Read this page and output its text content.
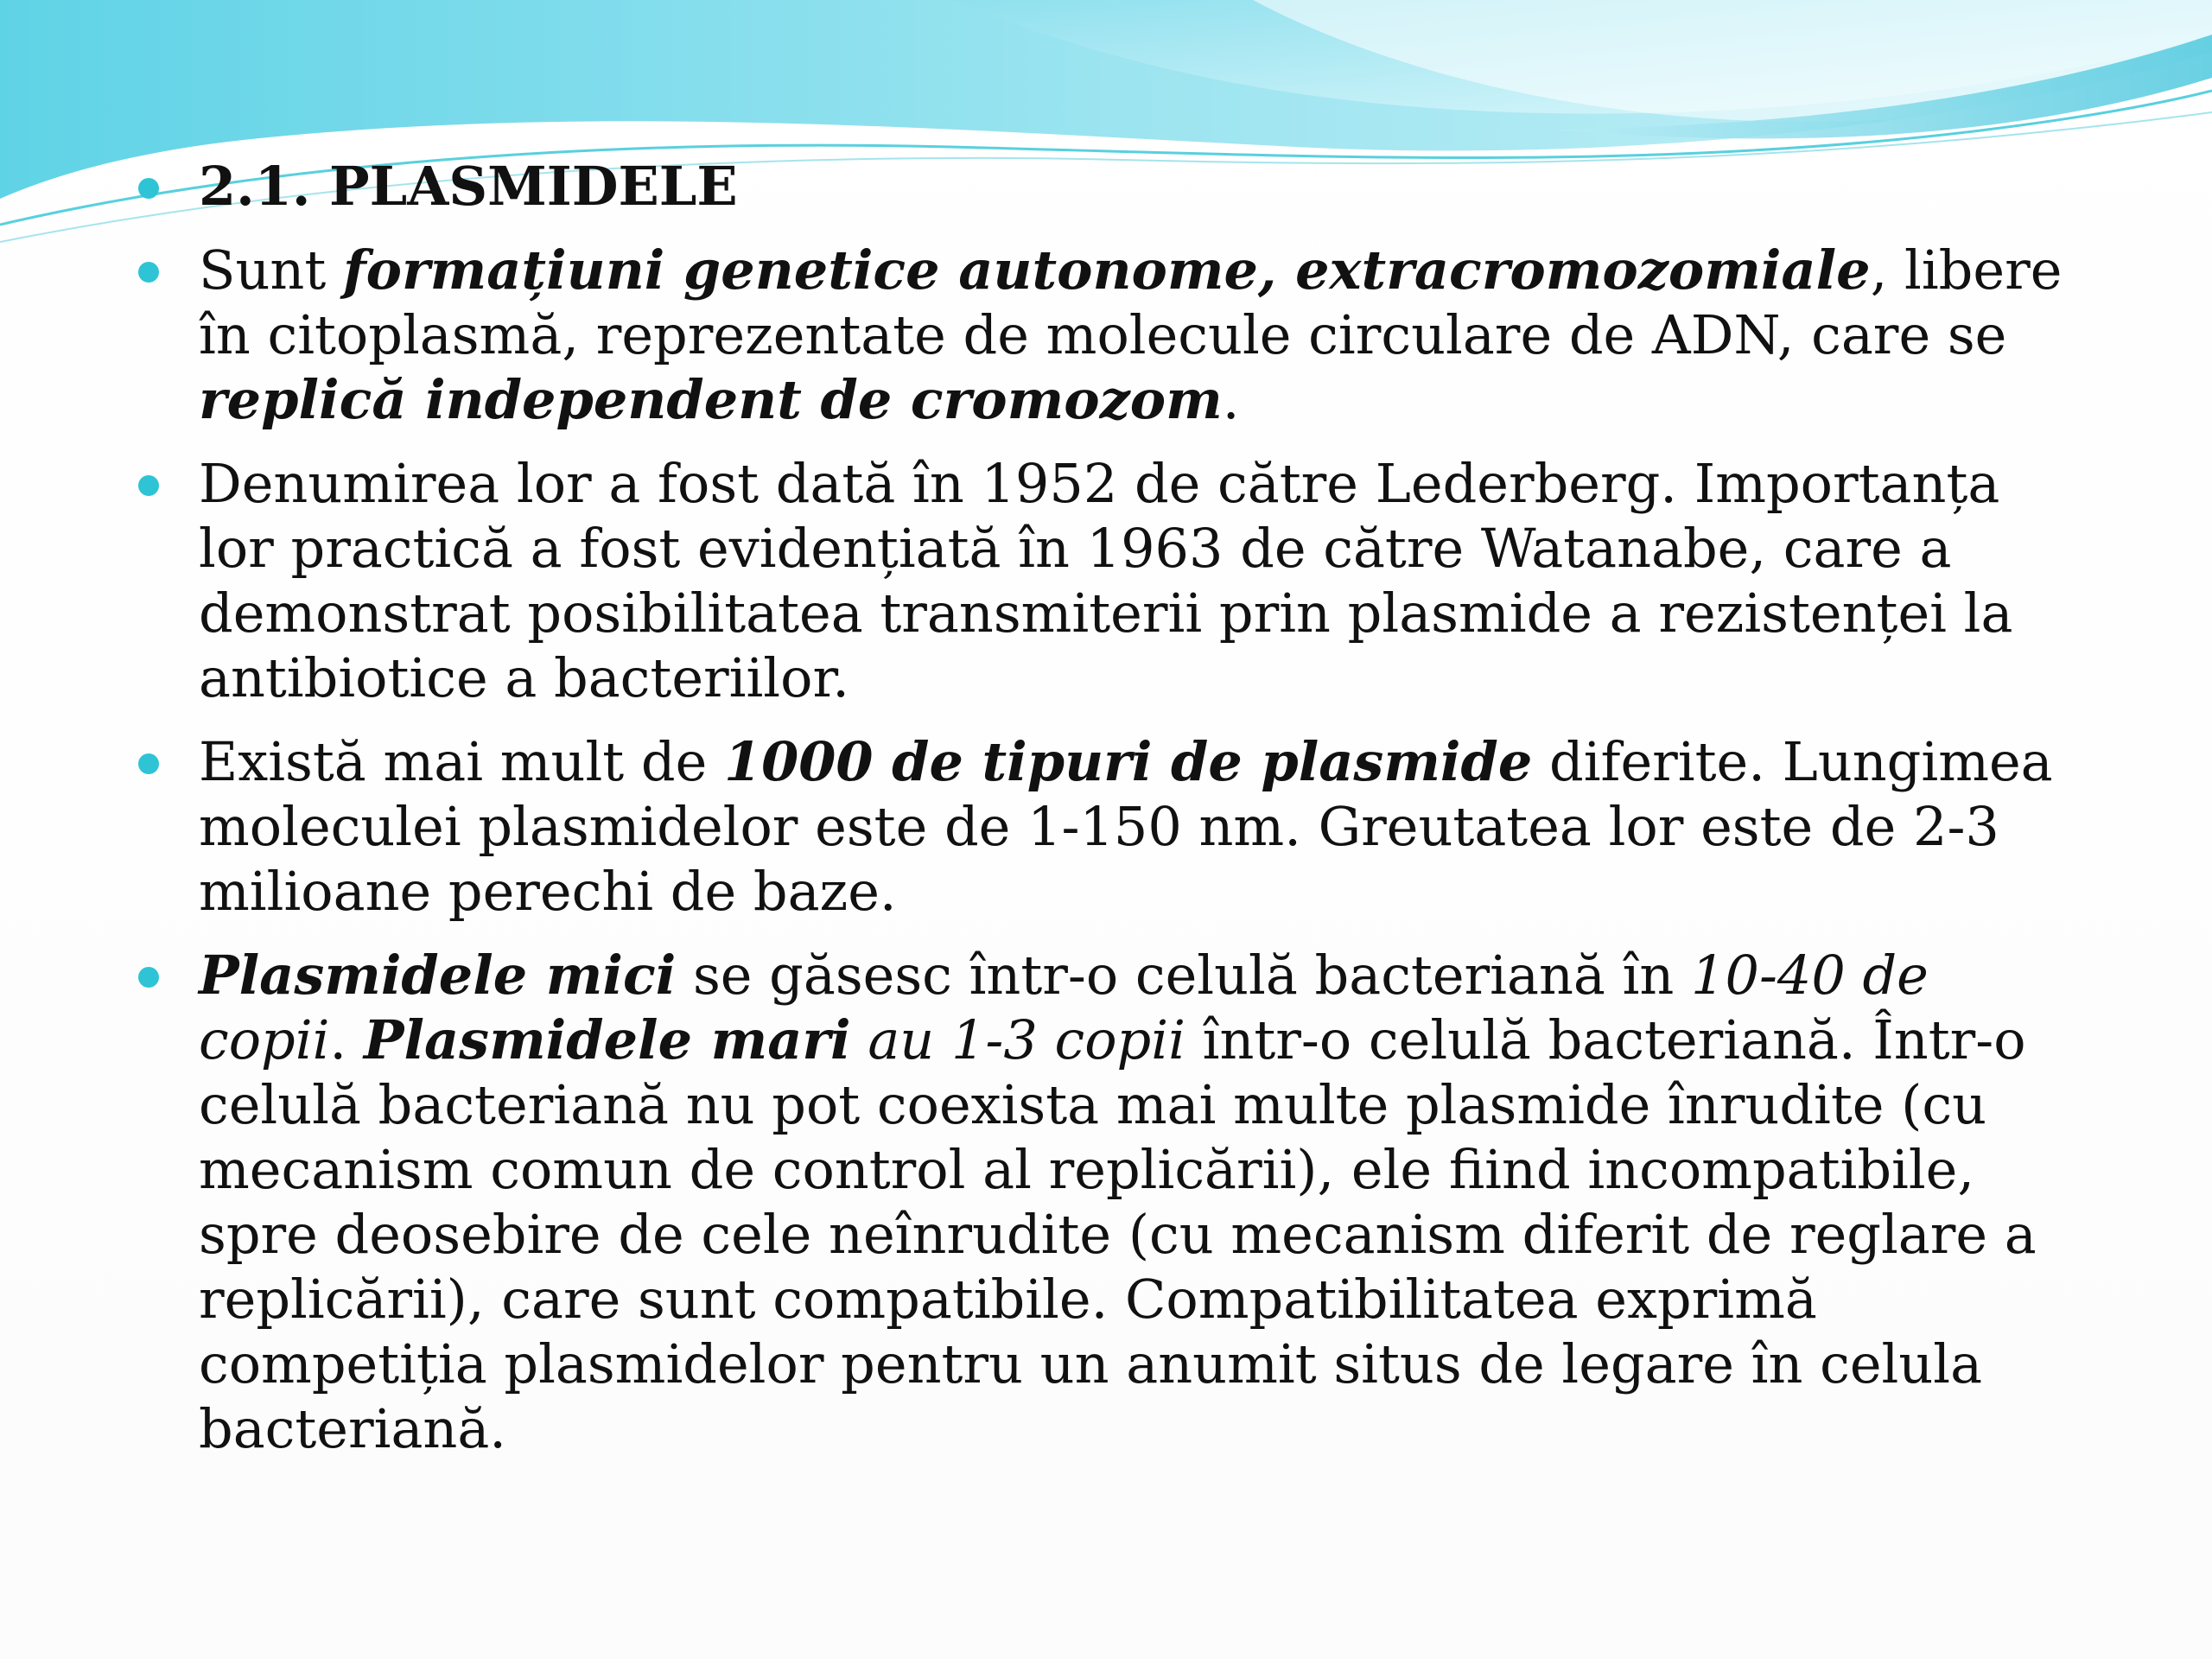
2.1. PLASMIDELE
Sunt formațiuni genetice autonome, extracromozomiale, libere în citoplasmă, reprezentate de molecule circulare de ADN, care se replică independent de cromozom.
Denumirea lor a fost dată în 1952 de către Lederberg. Importanța lor practică a fost evidențiată în 1963 de către Watanabe, care a demonstrat posibilitatea transmiterii prin plasmide a rezistenței la antibiotice a bacteriilor.
Există mai mult de 1000 de tipuri de plasmide diferite. Lungimea moleculei plasmidelor este de 1-150 nm. Greutatea lor este de 2-3 milioane perechi de baze.
Plasmidele mici se găsesc într-o celulă bacteriană în 10-40 de copii. Plasmidele mari au 1-3 copii într-o celulă bacteriană. Într-o celulă bacteriană nu pot coexista mai multe plasmide înrudite (cu mecanism comun de control al replicării), ele fiind incompatibile, spre deosebire de cele neînrudite (cu mecanism diferit de reglare a replicării), care sunt compatibile. Compatibilitatea exprimă competiția plasmidelor pentru un anumit situs de legare în celula bacteriană.
